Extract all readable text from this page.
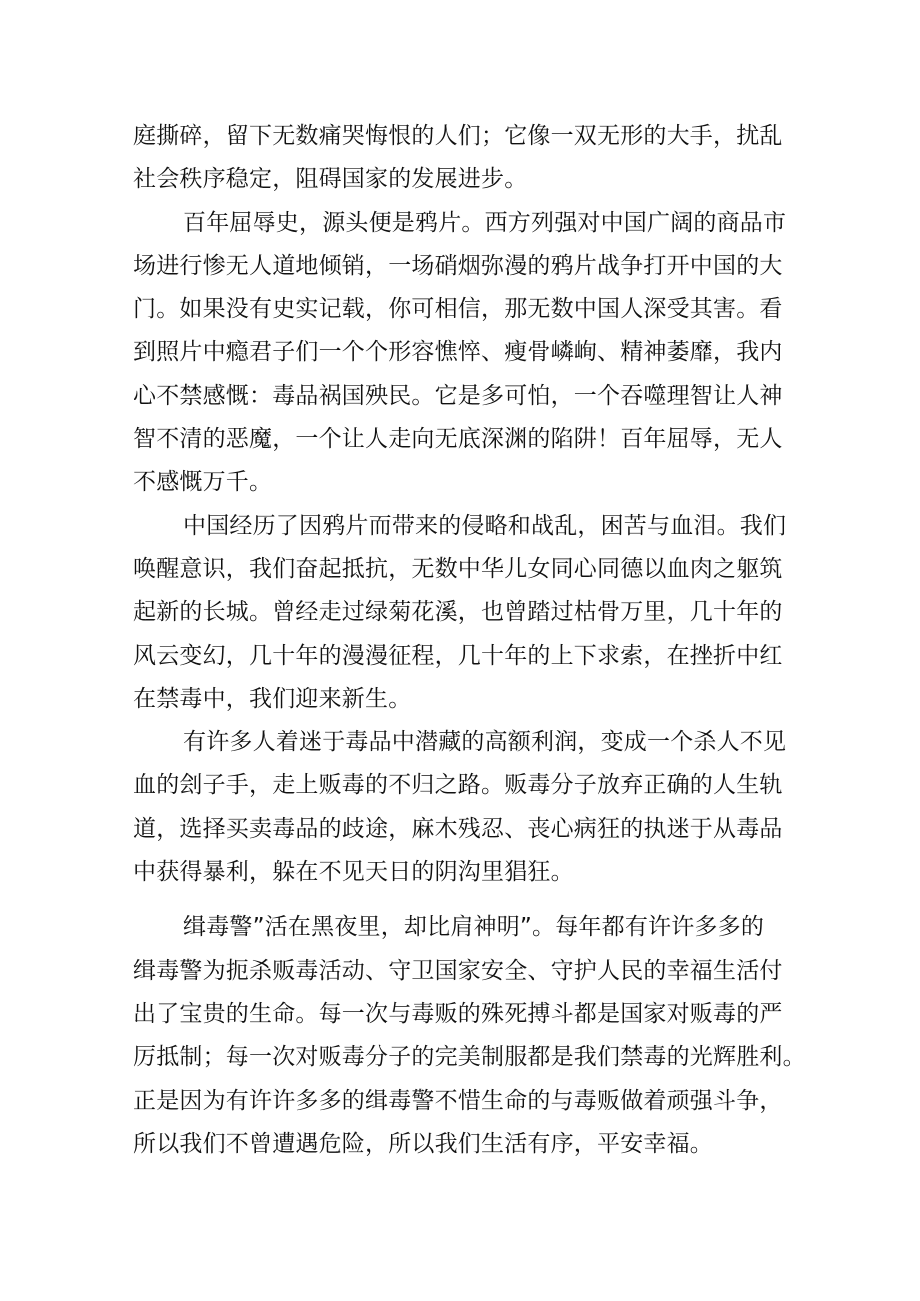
庭撕碎，留下无数痛哭悔恨的人们；它像一双无形的大手，扰乱
社会秩序稳定，阻碍国家的发展进步。

百年屈辱史，源头便是鸦片。西方列强对中国广阔的商品市
场进行惨无人道地倾销，一场硝烟弥漫的鸦片战争打开中国的大
门。如果没有史实记载，你可相信，那无数中国人深受其害。看
到照片中瘾君子们一个个形容憔悴、瘦骨嶙峋、精神萎靡，我内
心不禁感慨：毒品祸国殃民。它是多可怕，一个吞噬理智让人神
智不清的恶魔，一个让人走向无底深渊的陷阱！百年屈辱，无人
不感慨万千。

中国经历了因鸦片而带来的侵略和战乱，困苦与血泪。我们
唤醒意识，我们奋起抵抗，无数中华儿女同心同德以血肉之躯筑
起新的长城。曾经走过绿菊花溪，也曾踏过枯骨万里，几十年的
风云变幻，几十年的漫漫征程，几十年的上下求索，在挫折中红
在禁毒中，我们迎来新生。

有许多人着迷于毒品中潜藏的高额利润，变成一个杀人不见
血的刽子手，走上贩毒的不归之路。贩毒分子放弃正确的人生轨
道，选择买卖毒品的歧途，麻木残忍、丧心病狂的执迷于从毒品
中获得暴利，躲在不见天日的阴沟里猖狂。

缉毒警”活在黑夜里，却比肩神明”。每年都有许许多多的
缉毒警为扼杀贩毒活动、守卫国家安全、守护人民的幸福生活付
出了宝贵的生命。每一次与毒贩的殊死搏斗都是国家对贩毒的严
厉抵制；每一次对贩毒分子的完美制服都是我们禁毒的光辉胜利。
正是因为有许许多多的缉毒警不惜生命的与毒贩做着顽强斗争，
所以我们不曾遭遇危险，所以我们生活有序，平安幸福。
